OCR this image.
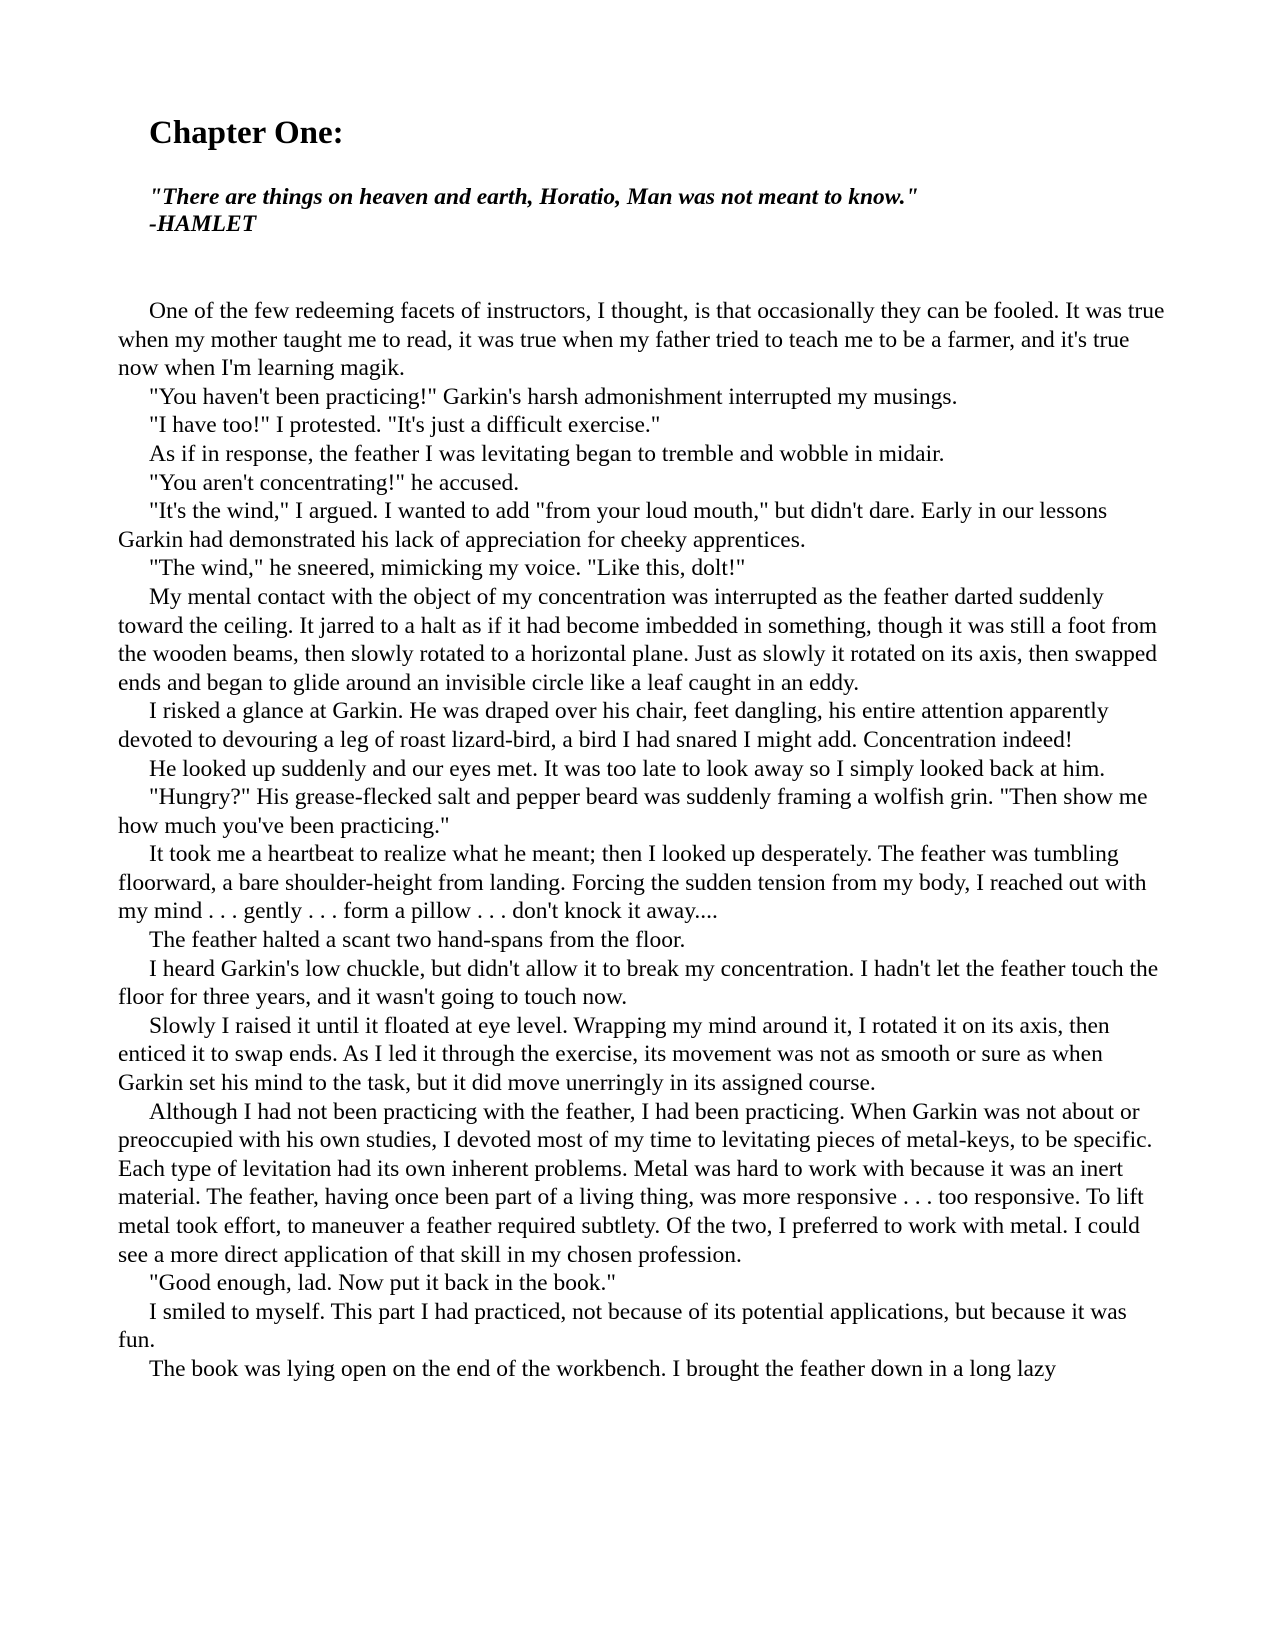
Chapter One:
"There are things on heaven and earth, Horatio, Man was not meant to know."
-HAMLET

One of the few redeeming facets of instructors, I thought, is that occasionally they can be fooled. It was true when my mother taught me to read, it was true when my father tried to teach me to be a farmer, and it's true now when I'm learning magik.

"You haven't been practicing!" Garkin's harsh admonishment interrupted my musings.

"I have too!" I protested. "It's just a difficult exercise."

As if in response, the feather I was levitating began to tremble and wobble in midair.

"You aren't concentrating!" he accused.

"It's the wind," I argued. I wanted to add "from your loud mouth," but didn't dare. Early in our lessons Garkin had demonstrated his lack of appreciation for cheeky apprentices.

"The wind," he sneered, mimicking my voice. "Like this, dolt!"

My mental contact with the object of my concentration was interrupted as the feather darted suddenly toward the ceiling. It jarred to a halt as if it had become imbedded in something, though it was still a foot from the wooden beams, then slowly rotated to a horizontal plane. Just as slowly it rotated on its axis, then swapped ends and began to glide around an invisible circle like a leaf caught in an eddy.

I risked a glance at Garkin. He was draped over his chair, feet dangling, his entire attention apparently devoted to devouring a leg of roast lizard-bird, a bird I had snared I might add. Concentration indeed!

He looked up suddenly and our eyes met. It was too late to look away so I simply looked back at him.

"Hungry?" His grease-flecked salt and pepper beard was suddenly framing a wolfish grin. "Then show me how much you've been practicing."

It took me a heartbeat to realize what he meant; then I looked up desperately. The feather was tumbling floorward, a bare shoulder-height from landing. Forcing the sudden tension from my body, I reached out with my mind . . . gently . . . form a pillow . . . don't knock it away....

The feather halted a scant two hand-spans from the floor.

I heard Garkin's low chuckle, but didn't allow it to break my concentration. I hadn't let the feather touch the floor for three years, and it wasn't going to touch now.

Slowly I raised it until it floated at eye level. Wrapping my mind around it, I rotated it on its axis, then enticed it to swap ends. As I led it through the exercise, its movement was not as smooth or sure as when Garkin set his mind to the task, but it did move unerringly in its assigned course.

Although I had not been practicing with the feather, I had been practicing. When Garkin was not about or preoccupied with his own studies, I devoted most of my time to levitating pieces of metal-keys, to be specific. Each type of levitation had its own inherent problems. Metal was hard to work with because it was an inert material. The feather, having once been part of a living thing, was more responsive . . . too responsive. To lift metal took effort, to maneuver a feather required subtlety. Of the two, I preferred to work with metal. I could see a more direct application of that skill in my chosen profession.

"Good enough, lad. Now put it back in the book."

I smiled to myself. This part I had practiced, not because of its potential applications, but because it was fun.

The book was lying open on the end of the workbench. I brought the feather down in a long lazy
